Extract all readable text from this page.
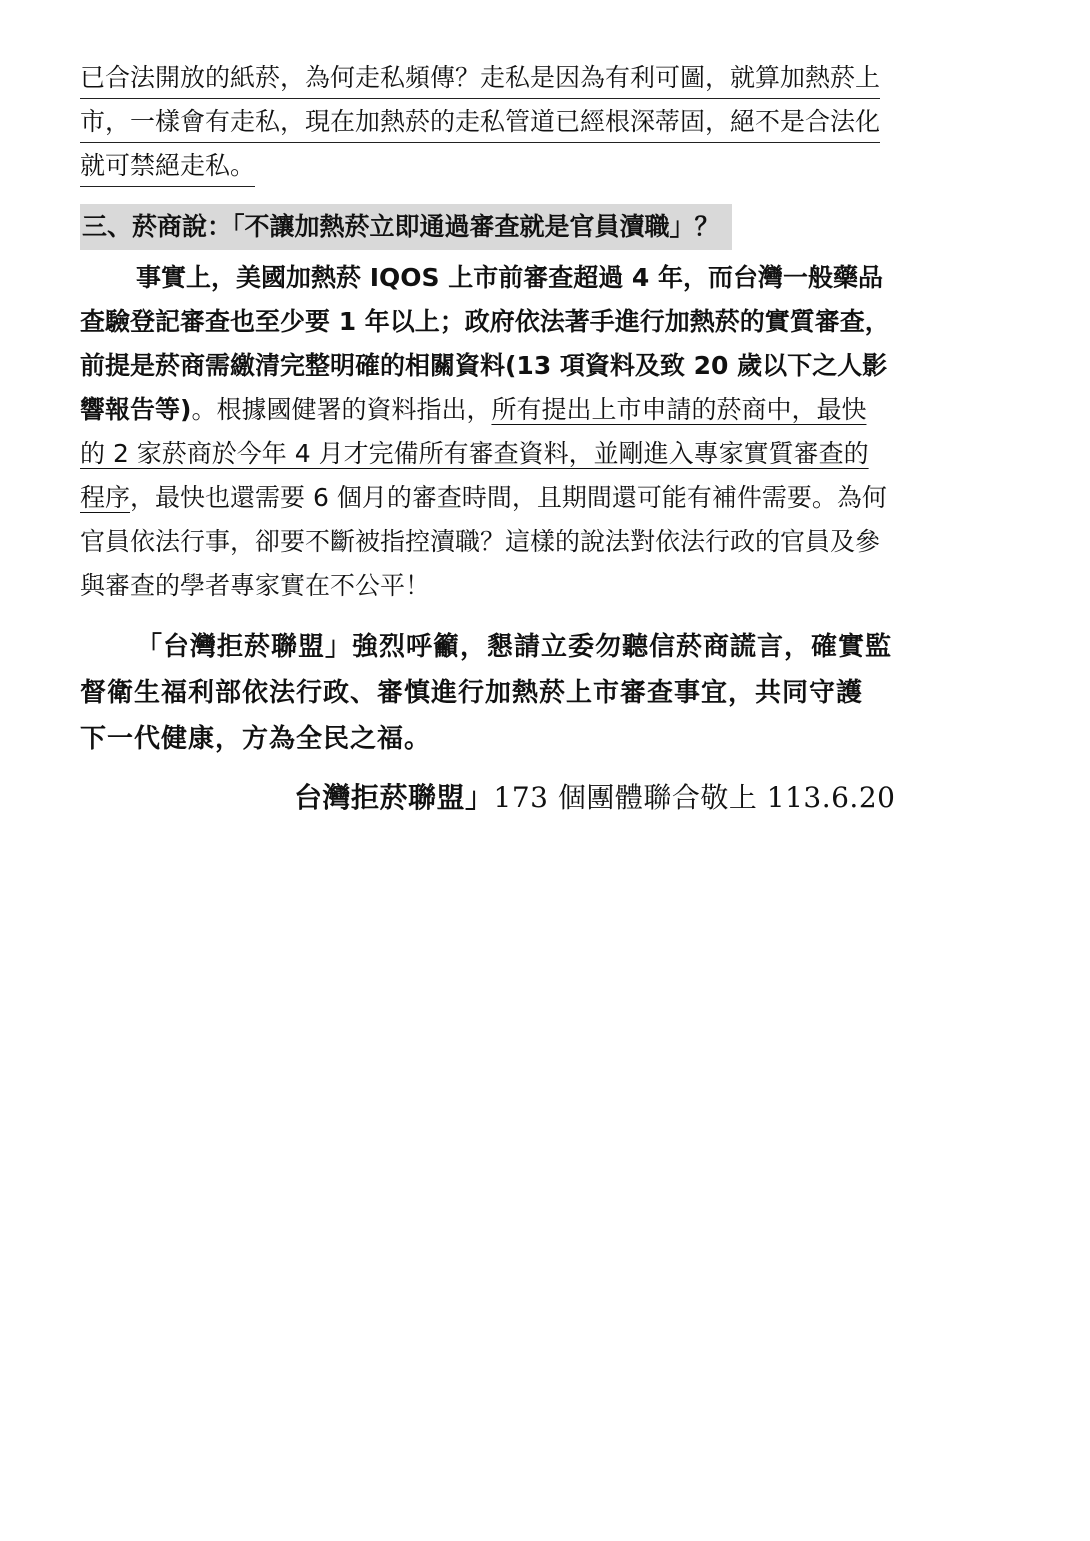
已合法開放的紙菸，為何走私頻傳？走私是因為有利可圖，就算加熱菸上
市，一樣會有走私，現在加熱菸的走私管道已經根深蒂固，絕不是合法化
就可禁絕走私。
三、菸商說：「不讓加熱菸立即通過審查就是官員瀆職」？
事實上，美國加熱菸 IQOS 上市前審查超過 4 年，而台灣一般藥品
查驗登記審查也至少要 1 年以上；政府依法著手進行加熱菸的實質審查，
前提是菸商需繳清完整明確的相關資料(13 項資料及致 20 歲以下之人影
響報告等)。根據國健署的資料指出，所有提出上市申請的菸商中，最快
的 2 家菸商於今年 4 月才完備所有審查資料，並剛進入專家實質審查的
程序，最快也還需要 6 個月的審查時間，且期間還可能有補件需要。為何
官員依法行事，卻要不斷被指控瀆職？這樣的說法對依法行政的官員及參
與審查的學者專家實在不公平！
「台灣拒菸聯盟」強烈呼籲，懇請立委勿聽信菸商謊言，確實監
督衛生福利部依法行政、審慎進行加熱菸上市審查事宜，共同守護
下一代健康，方為全民之福。
台灣拒菸聯盟」173 個團體聯合敬上 113.6.20
